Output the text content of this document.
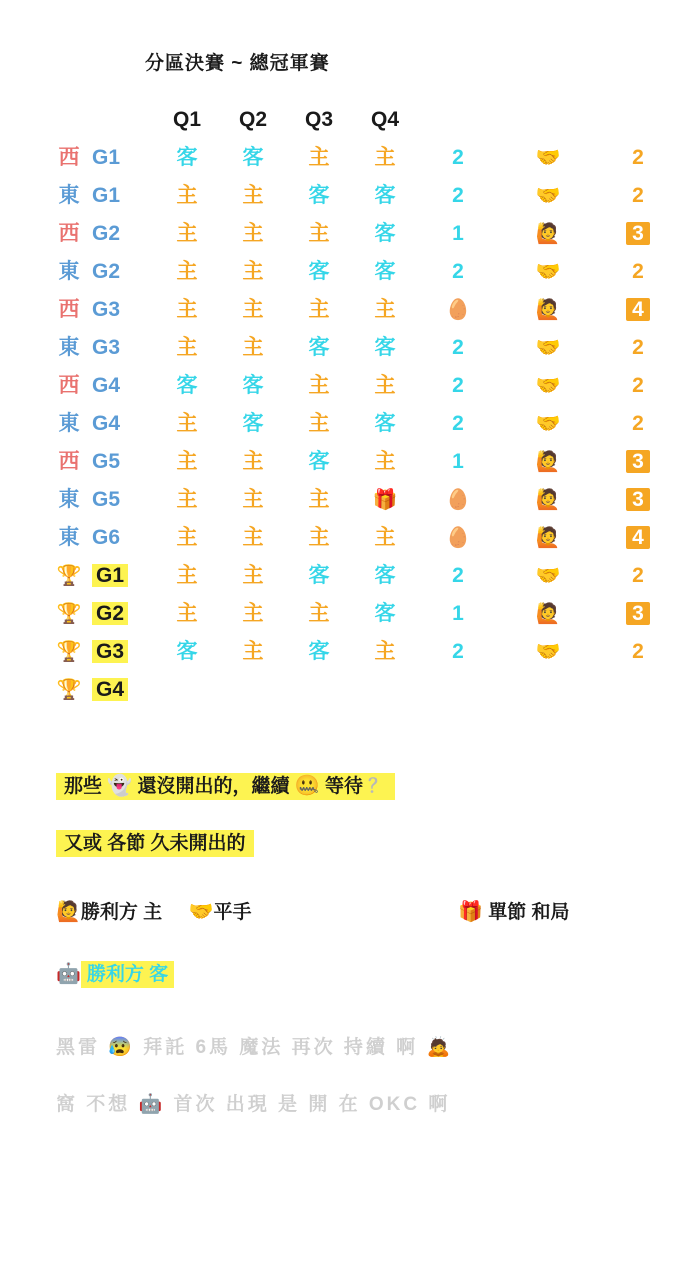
分區決賽 ~ 總冠軍賽
Q1	Q2	Q3	Q4
西 G1	客	客	主	主	2	🤝	2
東 G1	主	主	客	客	2	🤝	2
西 G2	主	主	主	客	1	🙋	3
東 G2	主	主	客	客	2	🤝	2
西 G3	主	主	主	主	🥚	🙋	4
東 G3	主	主	客	客	2	🤝	2
西 G4	客	客	主	主	2	🤝	2
東 G4	主	客	主	客	2	🤝	2
西 G5	主	主	客	主	1	🙋	3
東 G5	主	主	主	🎁	🥚	🙋	3
東 G6	主	主	主	主	🥚	🙋	4
🏆 G1	主	主	客	客	2	🤝	2
🏆 G2	主	主	主	客	1	🙋	3
🏆 G3	客	主	客	主	2	🤝	2
🏆 G4
那些 👻 還沒開出的，繼續 🤐 等待 ？
又或 各節 久未開出的
🙋勝利方 主 🤝平手	🎁 單節 和局
🤖 勝利方 客
黑雷 😰 拜託 6馬 魔法 再次 持續 啊 🙇
窩 不想 🤖 首次 出現 是 開 在 OKC 啊
